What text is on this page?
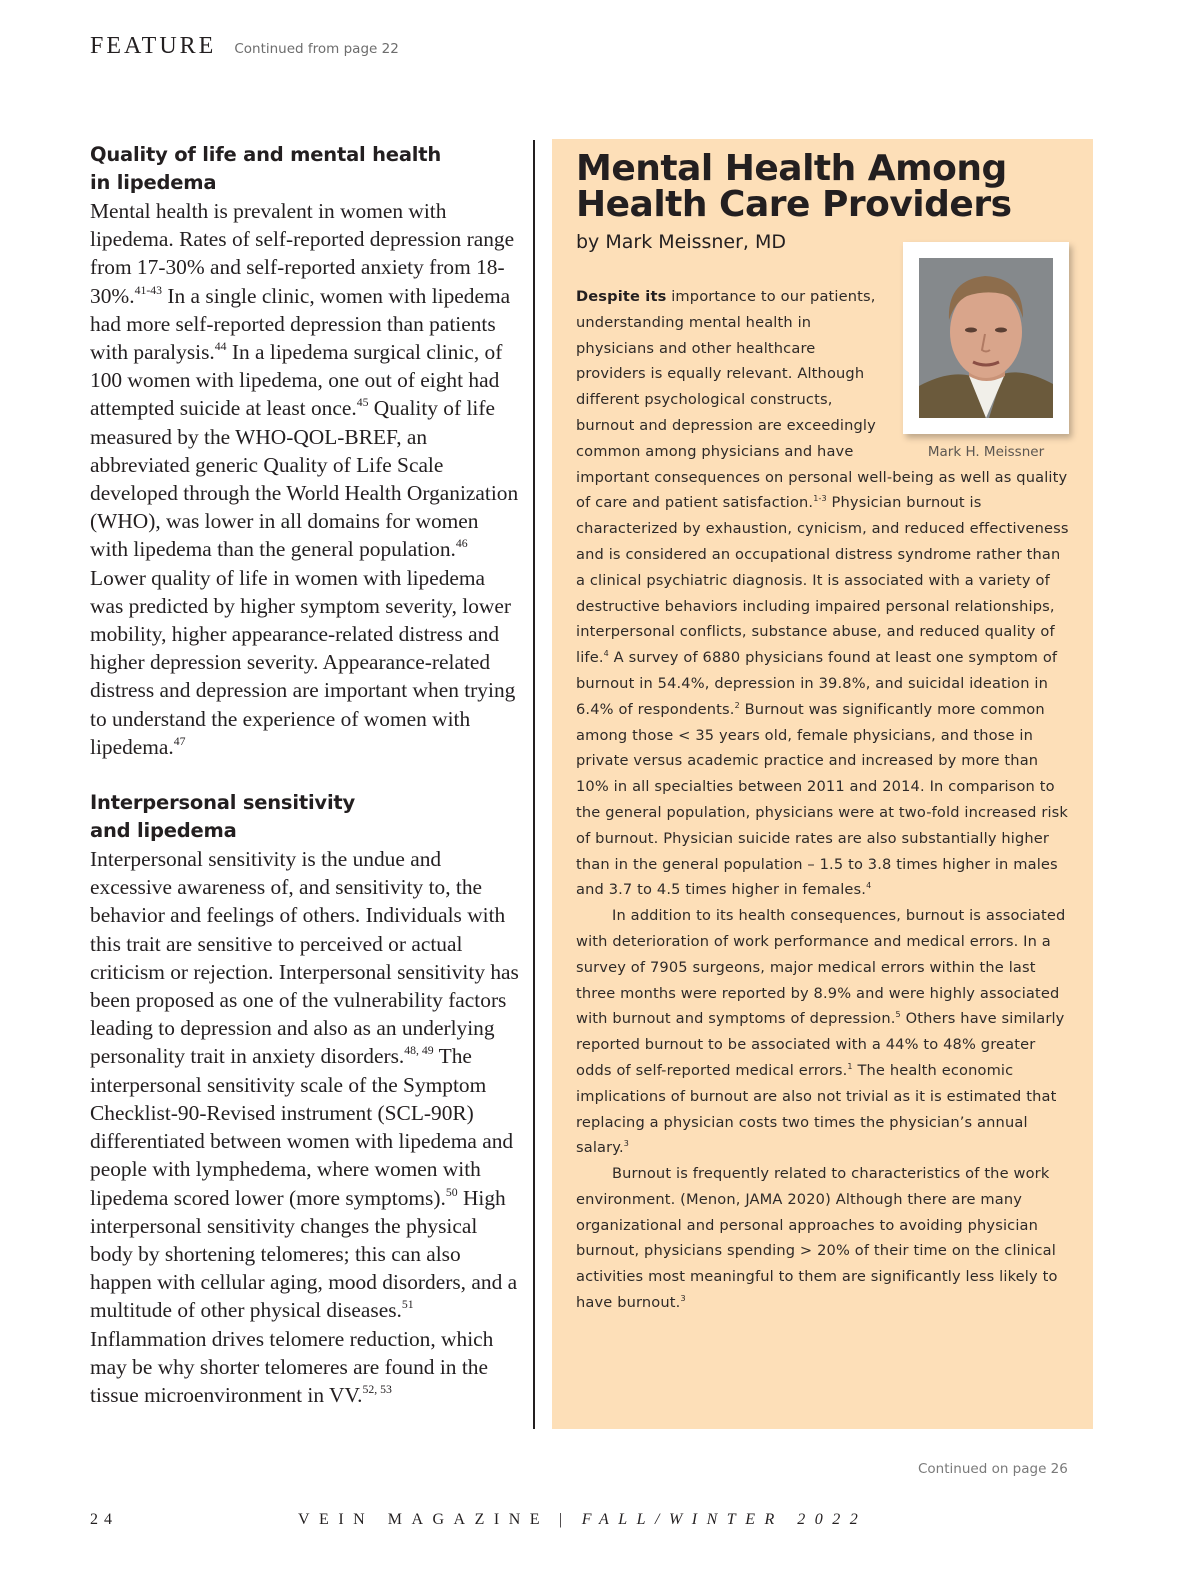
FEATURE Continued from page 22
Quality of life and mental health
in lipedema

Mental health is prevalent in women with lipedema. Rates of self-reported depression range from 17-30% and self-reported anxiety from 18-30%.$^{41-43}$ In a single clinic, women with lipedema had more self-reported depression than patients with paralysis.$^{44}$ In a lipedema surgical clinic, of 100 women with lipedema, one out of eight had attempted suicide at least once.$^{45}$ Quality of life measured by the WHO-QOL-BREF, an abbreviated generic Quality of Life Scale developed through the World Health Organization (WHO), was lower in all domains for women with lipedema than the general population.$^{46}$ Lower quality of life in women with lipedema was predicted by higher symptom severity, lower mobility, higher appearance-related distress and higher depression severity. Appearance-related distress and depression are important when trying to understand the experience of women with lipedema.$^{47}$

Interpersonal sensitivity
and lipedema

Interpersonal sensitivity is the undue and excessive awareness of, and sensitivity to, the behavior and feelings of others. Individuals with this trait are sensitive to perceived or actual criticism or rejection. Interpersonal sensitivity has been proposed as one of the vulnerability factors leading to depression and also as an underlying personality trait in anxiety disorders.$^{48, 49}$ The interpersonal sensitivity scale of the Symptom Checklist-90-Revised instrument (SCL-90R) differentiated between women with lipedema and people with lymphedema, where women with lipedema scored lower (more symptoms).$^{50}$ High interpersonal sensitivity changes the physical body by shortening telomeres; this can also happen with cellular aging, mood disorders, and a multitude of other physical diseases.$^{51}$ Inflammation drives telomere reduction, which may be why shorter telomeres are found in the tissue microenvironment in VV.$^{52, 53}$

Mental Health Among
Health Care Providers
by Mark Meissner, MD
Mark H. Meissner

Despite its importance to our patients, understanding mental health in physicians and other healthcare providers is equally relevant. Although different psychological constructs, burnout and depression are exceedingly common among physicians and have important consequences on personal well-being as well as quality of care and patient satisfaction.$^{1-3}$ Physician burnout is characterized by exhaustion, cynicism, and reduced effectiveness and is considered an occupational distress syndrome rather than a clinical psychiatric diagnosis. It is associated with a variety of destructive behaviors including impaired personal relationships, interpersonal conflicts, substance abuse, and reduced quality of life.$^4$ A survey of 6880 physicians found at least one symptom of burnout in 54.4%, depression in 39.8%, and suicidal ideation in 6.4% of respondents.$^2$ Burnout was significantly more common among those < 35 years old, female physicians, and those in private versus academic practice and increased by more than 10% in all specialties between 2011 and 2014. In comparison to the general population, physicians were at two-fold increased risk of burnout. Physician suicide rates are also substantially higher than in the general population – 1.5 to 3.8 times higher in males and 3.7 to 4.5 times higher in females.$^4$

In addition to its health consequences, burnout is associated with deterioration of work performance and medical errors. In a survey of 7905 surgeons, major medical errors within the last three months were reported by 8.9% and were highly associated with burnout and symptoms of depression.$^5$ Others have similarly reported burnout to be associated with a 44% to 48% greater odds of self-reported medical errors.$^1$ The health economic implications of burnout are also not trivial as it is estimated that replacing a physician costs two times the physician’s annual salary.$^3$

Burnout is frequently related to characteristics of the work environment. (Menon, JAMA 2020) Although there are many organizational and personal approaches to avoiding physician burnout, physicians spending > 20% of their time on the clinical activities most meaningful to them are significantly less likely to have burnout.$^3$

Continued on page 26
24	VEIN MAGAZINE | FALL/WINTER 2022
